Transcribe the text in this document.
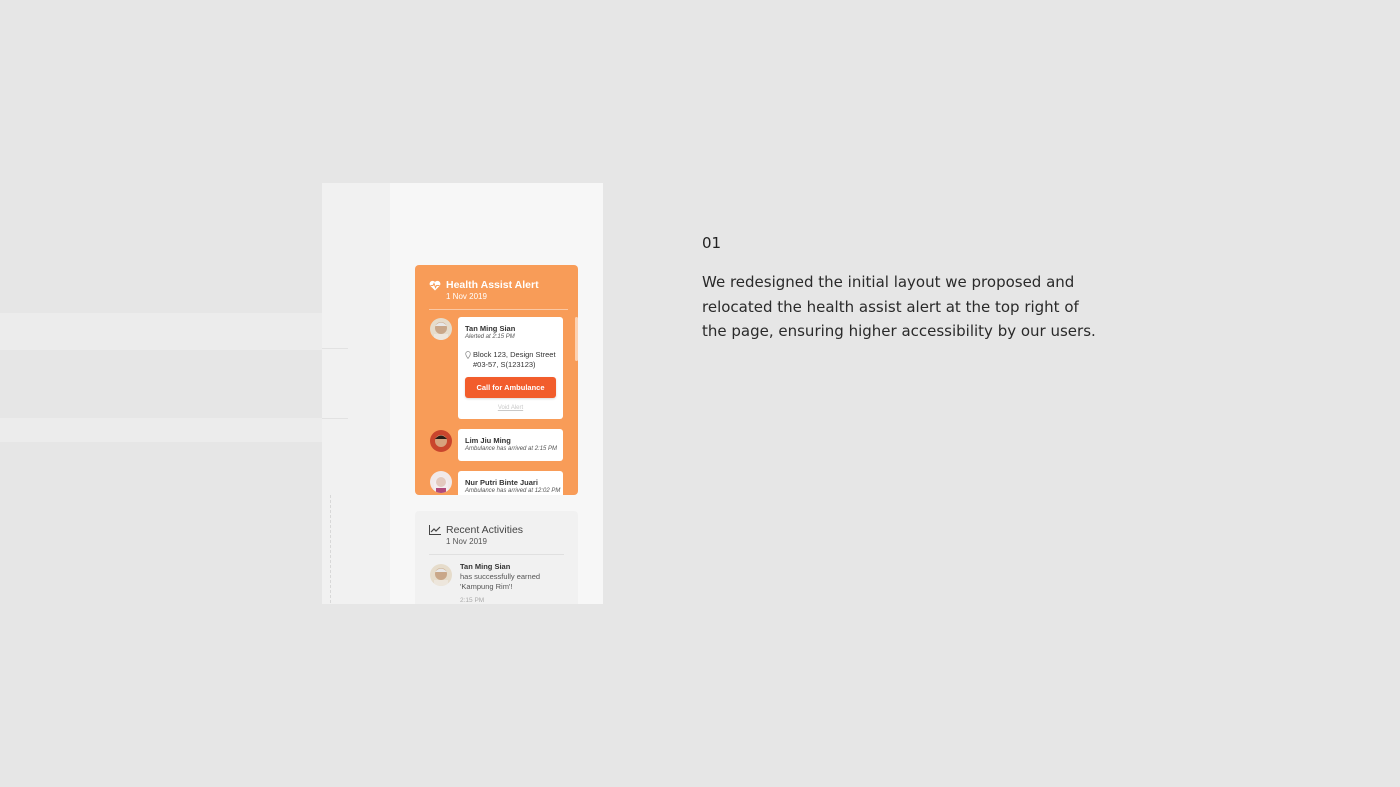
Health Assist Alert
1 Nov 2019
Tan Ming Sian
Alerted at 2:15 PM
Block 123, Design Street
#03-57, S(123123)
Call for Ambulance
Void Alert
Lim Jiu Ming
Ambulance has arrived at 2:15 PM
Nur Putri Binte Juari
Ambulance has arrived at 12:02 PM
Recent Activities
1 Nov 2019
Tan Ming Sian
has successfully earned
'Kampung Rim'!
2:15 PM
01

We redesigned the initial layout we proposed and
relocated the health assist alert at the top right of
the page, ensuring higher accessibility by our users.
